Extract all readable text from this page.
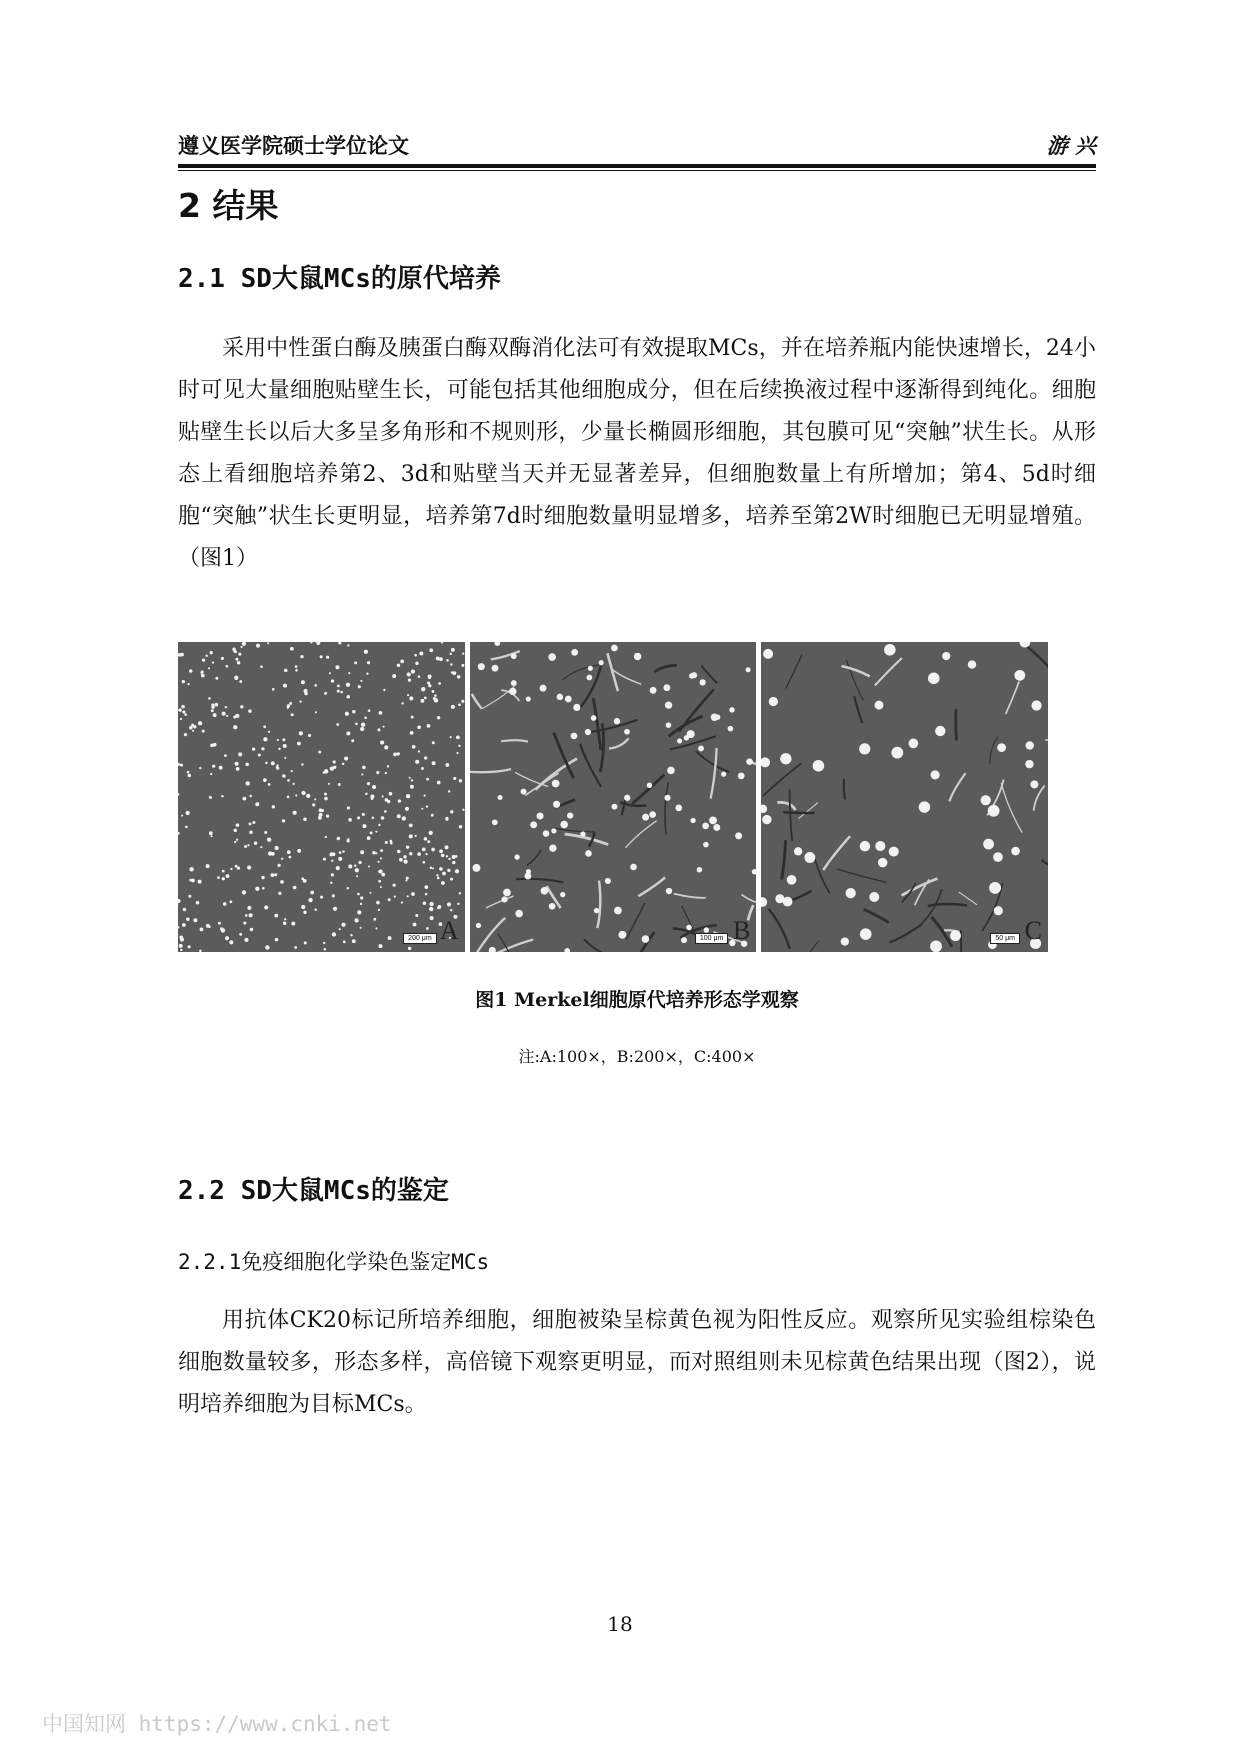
遵义医学院硕士学位论文	游 兴
2 结果
2.1 SD大鼠MCs的原代培养

采用中性蛋白酶及胰蛋白酶双酶消化法可有效提取MCs，并在培养瓶内能快速增长，24小时可见大量细胞贴壁生长，可能包括其他细胞成分，但在后续换液过程中逐渐得到纯化。细胞贴壁生长以后大多呈多角形和不规则形，少量长椭圆形细胞，其包膜可见“突触”状生长。从形态上看细胞培养第2、3d和贴壁当天并无显著差异，但细胞数量上有所增加；第4、5d时细胞“突触”状生长更明显，培养第7d时细胞数量明显增多，培养至第2W时细胞已无明显增殖。（图1）

200 μm A	100 μm B	50 μm C
图1 Merkel细胞原代培养形态学观察
注:A:100×，B:200×，C:400×
2.2 SD大鼠MCs的鉴定
2.2.1免疫细胞化学染色鉴定MCs

用抗体CK20标记所培养细胞，细胞被染呈棕黄色视为阳性反应。观察所见实验组棕染色细胞数量较多，形态多样，高倍镜下观察更明显，而对照组则未见棕黄色结果出现（图2），说明培养细胞为目标MCs。

18
中国知网 https://www.cnki.net
